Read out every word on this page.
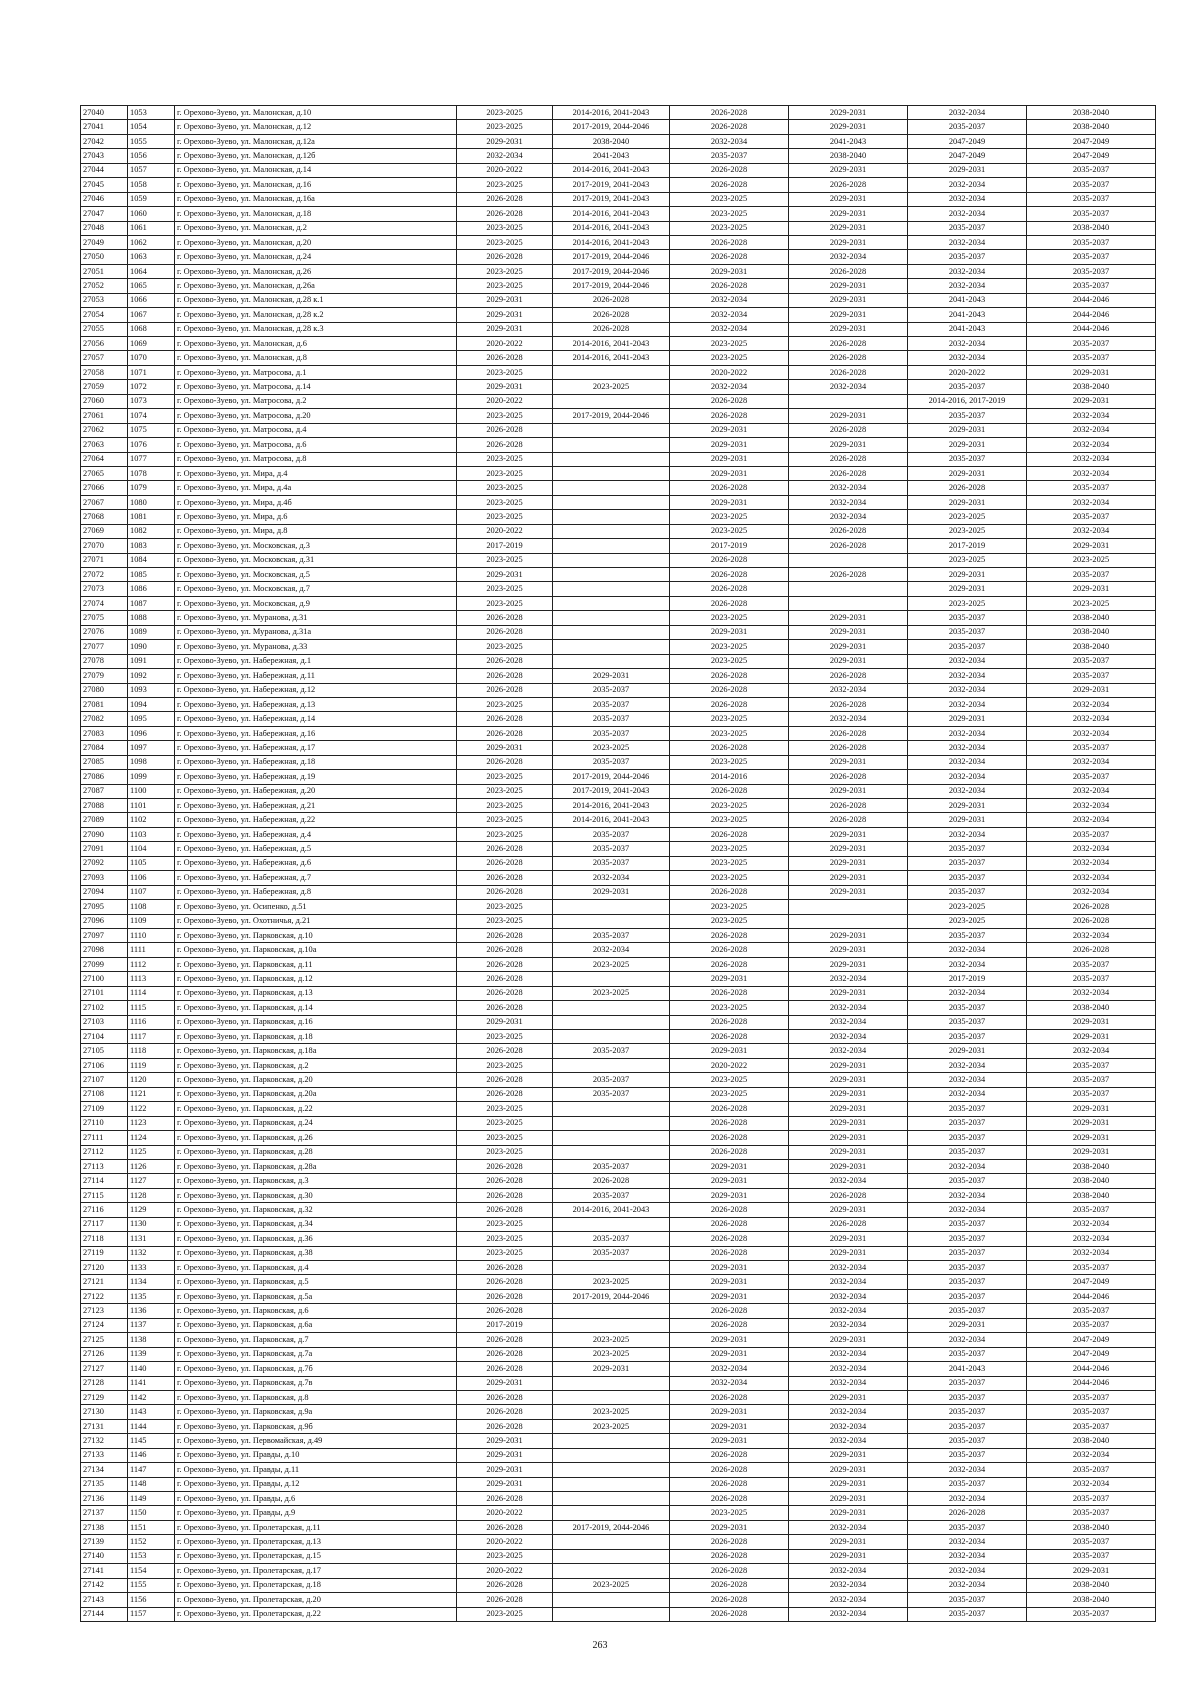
27040	1053	г. Орехово-Зуево, ул. Малонская, д.10	2023-2025	2014-2016, 2041-2043	2026-2028	2029-2031	2032-2034	2038-2040
27041	1054	г. Орехово-Зуево, ул. Малонская, д.12	2023-2025	2017-2019, 2044-2046	2026-2028	2029-2031	2035-2037	2038-2040
27042	1055	г. Орехово-Зуево, ул. Малонская, д.12а	2029-2031	2038-2040	2032-2034	2041-2043	2047-2049	2047-2049
27043	1056	г. Орехово-Зуево, ул. Малонская, д.12б	2032-2034	2041-2043	2035-2037	2038-2040	2047-2049	2047-2049
27044	1057	г. Орехово-Зуево, ул. Малонская, д.14	2020-2022	2014-2016, 2041-2043	2026-2028	2029-2031	2029-2031	2035-2037
27045	1058	г. Орехово-Зуево, ул. Малонская, д.16	2023-2025	2017-2019, 2041-2043	2026-2028	2026-2028	2032-2034	2035-2037
27046	1059	г. Орехово-Зуево, ул. Малонская, д.16а	2026-2028	2017-2019, 2041-2043	2023-2025	2029-2031	2032-2034	2035-2037
27047	1060	г. Орехово-Зуево, ул. Малонская, д.18	2026-2028	2014-2016, 2041-2043	2023-2025	2029-2031	2032-2034	2035-2037
27048	1061	г. Орехово-Зуево, ул. Малонская, д.2	2023-2025	2014-2016, 2041-2043	2023-2025	2029-2031	2035-2037	2038-2040
27049	1062	г. Орехово-Зуево, ул. Малонская, д.20	2023-2025	2014-2016, 2041-2043	2026-2028	2029-2031	2032-2034	2035-2037
27050	1063	г. Орехово-Зуево, ул. Малонская, д.24	2026-2028	2017-2019, 2044-2046	2026-2028	2032-2034	2035-2037	2035-2037
27051	1064	г. Орехово-Зуево, ул. Малонская, д.26	2023-2025	2017-2019, 2044-2046	2029-2031	2026-2028	2032-2034	2035-2037
27052	1065	г. Орехово-Зуево, ул. Малонская, д.26а	2023-2025	2017-2019, 2044-2046	2026-2028	2029-2031	2032-2034	2035-2037
27053	1066	г. Орехово-Зуево, ул. Малонская, д.28 к.1	2029-2031	2026-2028	2032-2034	2029-2031	2041-2043	2044-2046
27054	1067	г. Орехово-Зуево, ул. Малонская, д.28 к.2	2029-2031	2026-2028	2032-2034	2029-2031	2041-2043	2044-2046
27055	1068	г. Орехово-Зуево, ул. Малонская, д.28 к.3	2029-2031	2026-2028	2032-2034	2029-2031	2041-2043	2044-2046
27056	1069	г. Орехово-Зуево, ул. Малонская, д.6	2020-2022	2014-2016, 2041-2043	2023-2025	2026-2028	2032-2034	2035-2037
27057	1070	г. Орехово-Зуево, ул. Малонская, д.8	2026-2028	2014-2016, 2041-2043	2023-2025	2026-2028	2032-2034	2035-2037
27058	1071	г. Орехово-Зуево, ул. Матросова, д.1	2023-2025		2020-2022	2026-2028	2020-2022	2029-2031
27059	1072	г. Орехово-Зуево, ул. Матросова, д.14	2029-2031	2023-2025	2032-2034	2032-2034	2035-2037	2038-2040
27060	1073	г. Орехово-Зуево, ул. Матросова, д.2	2020-2022		2026-2028		2014-2016, 2017-2019	2029-2031
27061	1074	г. Орехово-Зуево, ул. Матросова, д.20	2023-2025	2017-2019, 2044-2046	2026-2028	2029-2031	2035-2037	2032-2034
27062	1075	г. Орехово-Зуево, ул. Матросова, д.4	2026-2028		2029-2031	2026-2028	2029-2031	2032-2034
27063	1076	г. Орехово-Зуево, ул. Матросова, д.6	2026-2028		2029-2031	2029-2031	2029-2031	2032-2034
27064	1077	г. Орехово-Зуево, ул. Матросова, д.8	2023-2025		2029-2031	2026-2028	2035-2037	2032-2034
27065	1078	г. Орехово-Зуево, ул. Мира, д.4	2023-2025		2029-2031	2026-2028	2029-2031	2032-2034
27066	1079	г. Орехово-Зуево, ул. Мира, д.4а	2023-2025		2026-2028	2032-2034	2026-2028	2035-2037
27067	1080	г. Орехово-Зуево, ул. Мира, д.4б	2023-2025		2029-2031	2032-2034	2029-2031	2032-2034
27068	1081	г. Орехово-Зуево, ул. Мира, д.6	2023-2025		2023-2025	2032-2034	2023-2025	2035-2037
27069	1082	г. Орехово-Зуево, ул. Мира, д.8	2020-2022		2023-2025	2026-2028	2023-2025	2032-2034
27070	1083	г. Орехово-Зуево, ул. Московская, д.3	2017-2019		2017-2019	2026-2028	2017-2019	2029-2031
27071	1084	г. Орехово-Зуево, ул. Московская, д.31	2023-2025		2026-2028		2023-2025	2023-2025
27072	1085	г. Орехово-Зуево, ул. Московская, д.5	2029-2031		2026-2028	2026-2028	2029-2031	2035-2037
27073	1086	г. Орехово-Зуево, ул. Московская, д.7	2023-2025		2026-2028		2029-2031	2029-2031
27074	1087	г. Орехово-Зуево, ул. Московская, д.9	2023-2025		2026-2028		2023-2025	2023-2025
27075	1088	г. Орехово-Зуево, ул. Муранова, д.31	2026-2028		2023-2025	2029-2031	2035-2037	2038-2040
27076	1089	г. Орехово-Зуево, ул. Муранова, д.31а	2026-2028		2029-2031	2029-2031	2035-2037	2038-2040
27077	1090	г. Орехово-Зуево, ул. Муранова, д.33	2023-2025		2023-2025	2029-2031	2035-2037	2038-2040
27078	1091	г. Орехово-Зуево, ул. Набережная, д.1	2026-2028		2023-2025	2029-2031	2032-2034	2035-2037
27079	1092	г. Орехово-Зуево, ул. Набережная, д.11	2026-2028	2029-2031	2026-2028	2026-2028	2032-2034	2035-2037
27080	1093	г. Орехово-Зуево, ул. Набережная, д.12	2026-2028	2035-2037	2026-2028	2032-2034	2032-2034	2029-2031
27081	1094	г. Орехово-Зуево, ул. Набережная, д.13	2023-2025	2035-2037	2026-2028	2026-2028	2032-2034	2032-2034
27082	1095	г. Орехово-Зуево, ул. Набережная, д.14	2026-2028	2035-2037	2023-2025	2032-2034	2029-2031	2032-2034
27083	1096	г. Орехово-Зуево, ул. Набережная, д.16	2026-2028	2035-2037	2023-2025	2026-2028	2032-2034	2032-2034
27084	1097	г. Орехово-Зуево, ул. Набережная, д.17	2029-2031	2023-2025	2026-2028	2026-2028	2032-2034	2035-2037
27085	1098	г. Орехово-Зуево, ул. Набережная, д.18	2026-2028	2035-2037	2023-2025	2029-2031	2032-2034	2032-2034
27086	1099	г. Орехово-Зуево, ул. Набережная, д.19	2023-2025	2017-2019, 2044-2046	2014-2016	2026-2028	2032-2034	2035-2037
27087	1100	г. Орехово-Зуево, ул. Набережная, д.20	2023-2025	2017-2019, 2041-2043	2026-2028	2029-2031	2032-2034	2032-2034
27088	1101	г. Орехово-Зуево, ул. Набережная, д.21	2023-2025	2014-2016, 2041-2043	2023-2025	2026-2028	2029-2031	2032-2034
27089	1102	г. Орехово-Зуево, ул. Набережная, д.22	2023-2025	2014-2016, 2041-2043	2023-2025	2026-2028	2029-2031	2032-2034
27090	1103	г. Орехово-Зуево, ул. Набережная, д.4	2023-2025	2035-2037	2026-2028	2029-2031	2032-2034	2035-2037
27091	1104	г. Орехово-Зуево, ул. Набережная, д.5	2026-2028	2035-2037	2023-2025	2029-2031	2035-2037	2032-2034
27092	1105	г. Орехово-Зуево, ул. Набережная, д.6	2026-2028	2035-2037	2023-2025	2029-2031	2035-2037	2032-2034
27093	1106	г. Орехово-Зуево, ул. Набережная, д.7	2026-2028	2032-2034	2023-2025	2029-2031	2035-2037	2032-2034
27094	1107	г. Орехово-Зуево, ул. Набережная, д.8	2026-2028	2029-2031	2026-2028	2029-2031	2035-2037	2032-2034
27095	1108	г. Орехово-Зуево, ул. Осипенко, д.51	2023-2025		2023-2025		2023-2025	2026-2028
27096	1109	г. Орехово-Зуево, ул. Охотничья, д.21	2023-2025		2023-2025		2023-2025	2026-2028
27097	1110	г. Орехово-Зуево, ул. Парковская, д.10	2026-2028	2035-2037	2026-2028	2029-2031	2035-2037	2032-2034
27098	1111	г. Орехово-Зуево, ул. Парковская, д.10а	2026-2028	2032-2034	2026-2028	2029-2031	2032-2034	2026-2028
27099	1112	г. Орехово-Зуево, ул. Парковская, д.11	2026-2028	2023-2025	2026-2028	2029-2031	2032-2034	2035-2037
27100	1113	г. Орехово-Зуево, ул. Парковская, д.12	2026-2028		2029-2031	2032-2034	2017-2019	2035-2037
27101	1114	г. Орехово-Зуево, ул. Парковская, д.13	2026-2028	2023-2025	2026-2028	2029-2031	2032-2034	2032-2034
27102	1115	г. Орехово-Зуево, ул. Парковская, д.14	2026-2028		2023-2025	2032-2034	2035-2037	2038-2040
27103	1116	г. Орехово-Зуево, ул. Парковская, д.16	2029-2031		2026-2028	2032-2034	2035-2037	2029-2031
27104	1117	г. Орехово-Зуево, ул. Парковская, д.18	2023-2025		2026-2028	2032-2034	2035-2037	2029-2031
27105	1118	г. Орехово-Зуево, ул. Парковская, д.18а	2026-2028	2035-2037	2029-2031	2032-2034	2029-2031	2032-2034
27106	1119	г. Орехово-Зуево, ул. Парковская, д.2	2023-2025		2020-2022	2029-2031	2032-2034	2035-2037
27107	1120	г. Орехово-Зуево, ул. Парковская, д.20	2026-2028	2035-2037	2023-2025	2029-2031	2032-2034	2035-2037
27108	1121	г. Орехово-Зуево, ул. Парковская, д.20а	2026-2028	2035-2037	2023-2025	2029-2031	2032-2034	2035-2037
27109	1122	г. Орехово-Зуево, ул. Парковская, д.22	2023-2025		2026-2028	2029-2031	2035-2037	2029-2031
27110	1123	г. Орехово-Зуево, ул. Парковская, д.24	2023-2025		2026-2028	2029-2031	2035-2037	2029-2031
27111	1124	г. Орехово-Зуево, ул. Парковская, д.26	2023-2025		2026-2028	2029-2031	2035-2037	2029-2031
27112	1125	г. Орехово-Зуево, ул. Парковская, д.28	2023-2025		2026-2028	2029-2031	2035-2037	2029-2031
27113	1126	г. Орехово-Зуево, ул. Парковская, д.28а	2026-2028	2035-2037	2029-2031	2029-2031	2032-2034	2038-2040
27114	1127	г. Орехово-Зуево, ул. Парковская, д.3	2026-2028	2026-2028	2029-2031	2032-2034	2035-2037	2038-2040
27115	1128	г. Орехово-Зуево, ул. Парковская, д.30	2026-2028	2035-2037	2029-2031	2026-2028	2032-2034	2038-2040
27116	1129	г. Орехово-Зуево, ул. Парковская, д.32	2026-2028	2014-2016, 2041-2043	2026-2028	2029-2031	2032-2034	2035-2037
27117	1130	г. Орехово-Зуево, ул. Парковская, д.34	2023-2025		2026-2028	2026-2028	2035-2037	2032-2034
27118	1131	г. Орехово-Зуево, ул. Парковская, д.36	2023-2025	2035-2037	2026-2028	2029-2031	2035-2037	2032-2034
27119	1132	г. Орехово-Зуево, ул. Парковская, д.38	2023-2025	2035-2037	2026-2028	2029-2031	2035-2037	2032-2034
27120	1133	г. Орехово-Зуево, ул. Парковская, д.4	2026-2028		2029-2031	2032-2034	2035-2037	2035-2037
27121	1134	г. Орехово-Зуево, ул. Парковская, д.5	2026-2028	2023-2025	2029-2031	2032-2034	2035-2037	2047-2049
27122	1135	г. Орехово-Зуево, ул. Парковская, д.5а	2026-2028	2017-2019, 2044-2046	2029-2031	2032-2034	2035-2037	2044-2046
27123	1136	г. Орехово-Зуево, ул. Парковская, д.6	2026-2028		2026-2028	2032-2034	2035-2037	2035-2037
27124	1137	г. Орехово-Зуево, ул. Парковская, д.6а	2017-2019		2026-2028	2032-2034	2029-2031	2035-2037
27125	1138	г. Орехово-Зуево, ул. Парковская, д.7	2026-2028	2023-2025	2029-2031	2029-2031	2032-2034	2047-2049
27126	1139	г. Орехово-Зуево, ул. Парковская, д.7а	2026-2028	2023-2025	2029-2031	2032-2034	2035-2037	2047-2049
27127	1140	г. Орехово-Зуево, ул. Парковская, д.7б	2026-2028	2029-2031	2032-2034	2032-2034	2041-2043	2044-2046
27128	1141	г. Орехово-Зуево, ул. Парковская, д.7в	2029-2031		2032-2034	2032-2034	2035-2037	2044-2046
27129	1142	г. Орехово-Зуево, ул. Парковская, д.8	2026-2028		2026-2028	2029-2031	2035-2037	2035-2037
27130	1143	г. Орехово-Зуево, ул. Парковская, д.9а	2026-2028	2023-2025	2029-2031	2032-2034	2035-2037	2035-2037
27131	1144	г. Орехово-Зуево, ул. Парковская, д.9б	2026-2028	2023-2025	2029-2031	2032-2034	2035-2037	2035-2037
27132	1145	г. Орехово-Зуево, ул. Первомайская, д.49	2029-2031		2029-2031	2032-2034	2035-2037	2038-2040
27133	1146	г. Орехово-Зуево, ул. Правды, д.10	2029-2031		2026-2028	2029-2031	2035-2037	2032-2034
27134	1147	г. Орехово-Зуево, ул. Правды, д.11	2029-2031		2026-2028	2029-2031	2032-2034	2035-2037
27135	1148	г. Орехово-Зуево, ул. Правды, д.12	2029-2031		2026-2028	2029-2031	2035-2037	2032-2034
27136	1149	г. Орехово-Зуево, ул. Правды, д.6	2026-2028		2026-2028	2029-2031	2032-2034	2035-2037
27137	1150	г. Орехово-Зуево, ул. Правды, д.9	2020-2022		2023-2025	2029-2031	2026-2028	2035-2037
27138	1151	г. Орехово-Зуево, ул. Пролетарская, д.11	2026-2028	2017-2019, 2044-2046	2029-2031	2032-2034	2035-2037	2038-2040
27139	1152	г. Орехово-Зуево, ул. Пролетарская, д.13	2020-2022		2026-2028	2029-2031	2032-2034	2035-2037
27140	1153	г. Орехово-Зуево, ул. Пролетарская, д.15	2023-2025		2026-2028	2029-2031	2032-2034	2035-2037
27141	1154	г. Орехово-Зуево, ул. Пролетарская, д.17	2020-2022		2026-2028	2032-2034	2032-2034	2029-2031
27142	1155	г. Орехово-Зуево, ул. Пролетарская, д.18	2026-2028	2023-2025	2026-2028	2032-2034	2032-2034	2038-2040
27143	1156	г. Орехово-Зуево, ул. Пролетарская, д.20	2026-2028		2026-2028	2032-2034	2035-2037	2038-2040
27144	1157	г. Орехово-Зуево, ул. Пролетарская, д.22	2023-2025		2026-2028	2032-2034	2035-2037	2035-2037
263
